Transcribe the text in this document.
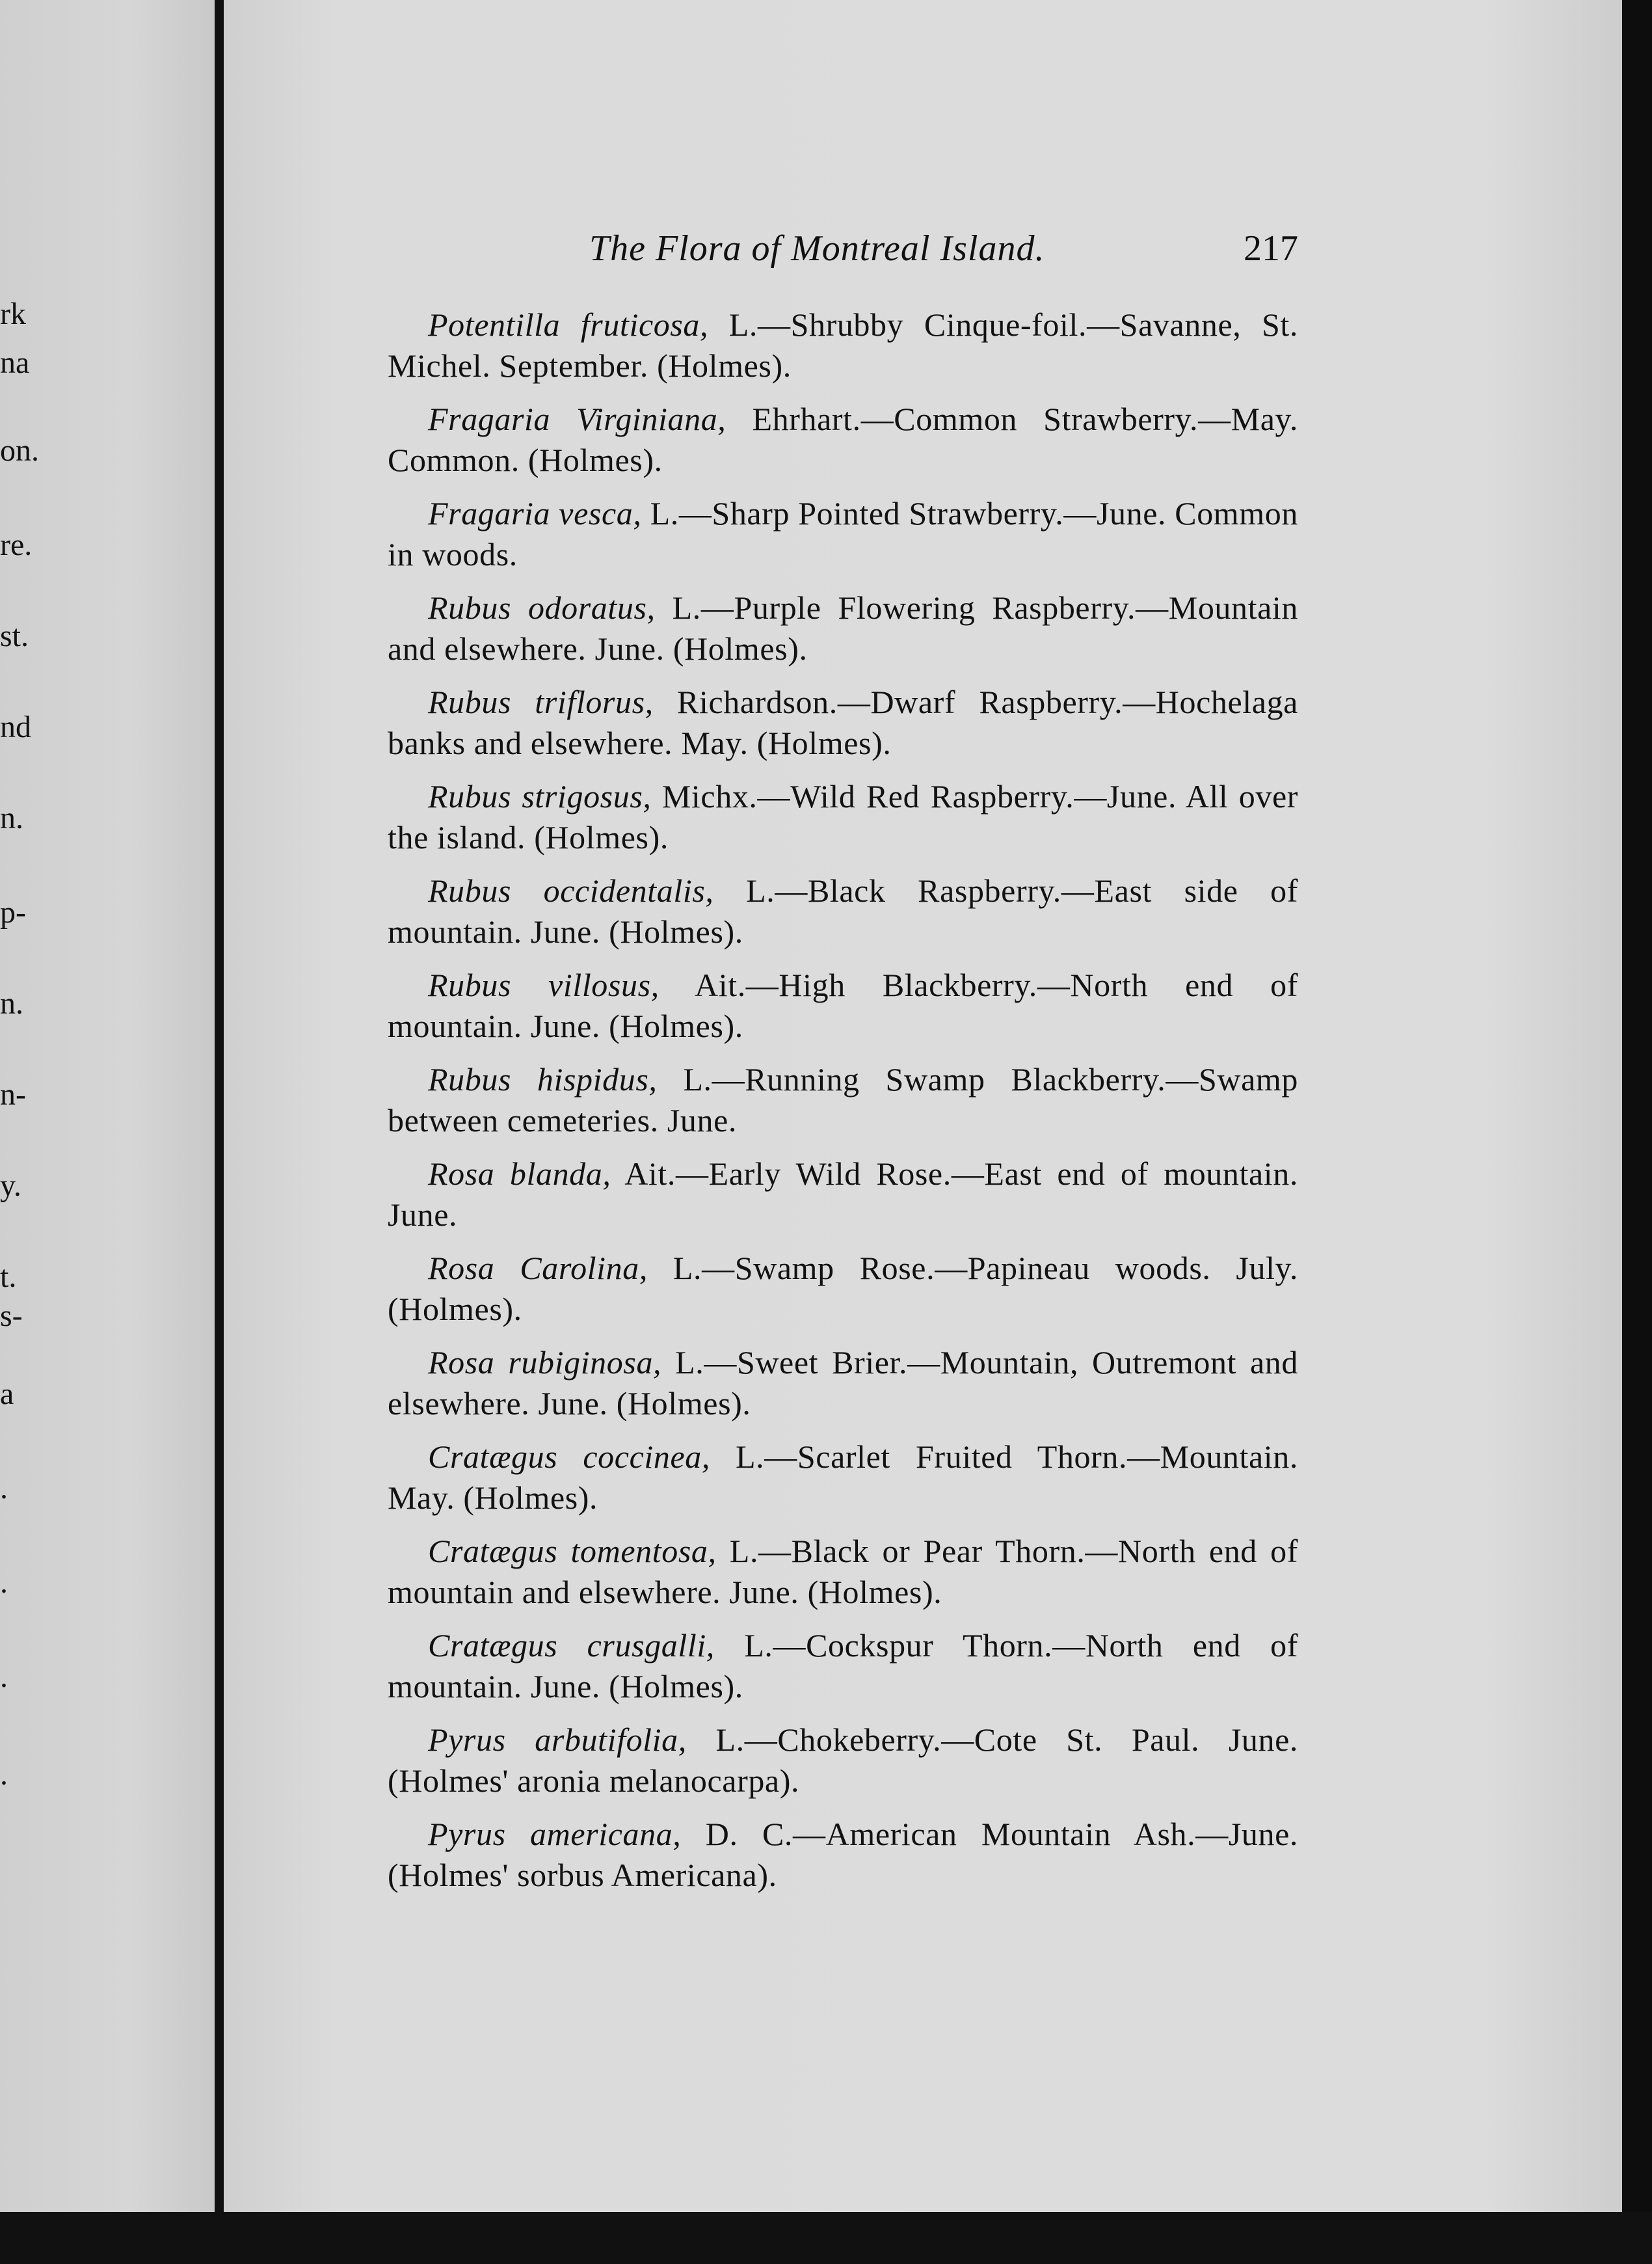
rk
na
on.
re.
st.
nd
n.
p-
n.
n-
y.
t.
s-
a
.
.
.
.
The Flora of Montreal Island.	217

Potentilla fruticosa, L.—Shrubby Cinque-foil.—Savanne, St. Michel. September. (Holmes).

Fragaria Virginiana, Ehrhart.—Common Strawberry.—May. Common. (Holmes).

Fragaria vesca, L.—Sharp Pointed Strawberry.—June. Common in woods.

Rubus odoratus, L.—Purple Flowering Raspberry.—Mountain and elsewhere. June. (Holmes).

Rubus triflorus, Richardson.—Dwarf Raspberry.—Hochelaga banks and elsewhere. May. (Holmes).

Rubus strigosus, Michx.—Wild Red Raspberry.—June. All over the island. (Holmes).

Rubus occidentalis, L.—Black Raspberry.—East side of mountain. June. (Holmes).

Rubus villosus, Ait.—High Blackberry.—North end of mountain. June. (Holmes).

Rubus hispidus, L.—Running Swamp Blackberry.—Swamp between cemeteries. June.

Rosa blanda, Ait.—Early Wild Rose.—East end of mountain. June.

Rosa Carolina, L.—Swamp Rose.—Papineau woods. July. (Holmes).

Rosa rubiginosa, L.—Sweet Brier.—Mountain, Outremont and elsewhere. June. (Holmes).

Cratægus coccinea, L.—Scarlet Fruited Thorn.—Mountain. May. (Holmes).

Cratægus tomentosa, L.—Black or Pear Thorn.—North end of mountain and elsewhere. June. (Holmes).

Cratægus crusgalli, L.—Cockspur Thorn.—North end of mountain. June. (Holmes).

Pyrus arbutifolia, L.—Chokeberry.—Cote St. Paul. June. (Holmes' aronia melanocarpa).

Pyrus americana, D. C.—American Mountain Ash.—June. (Holmes' sorbus Americana).
